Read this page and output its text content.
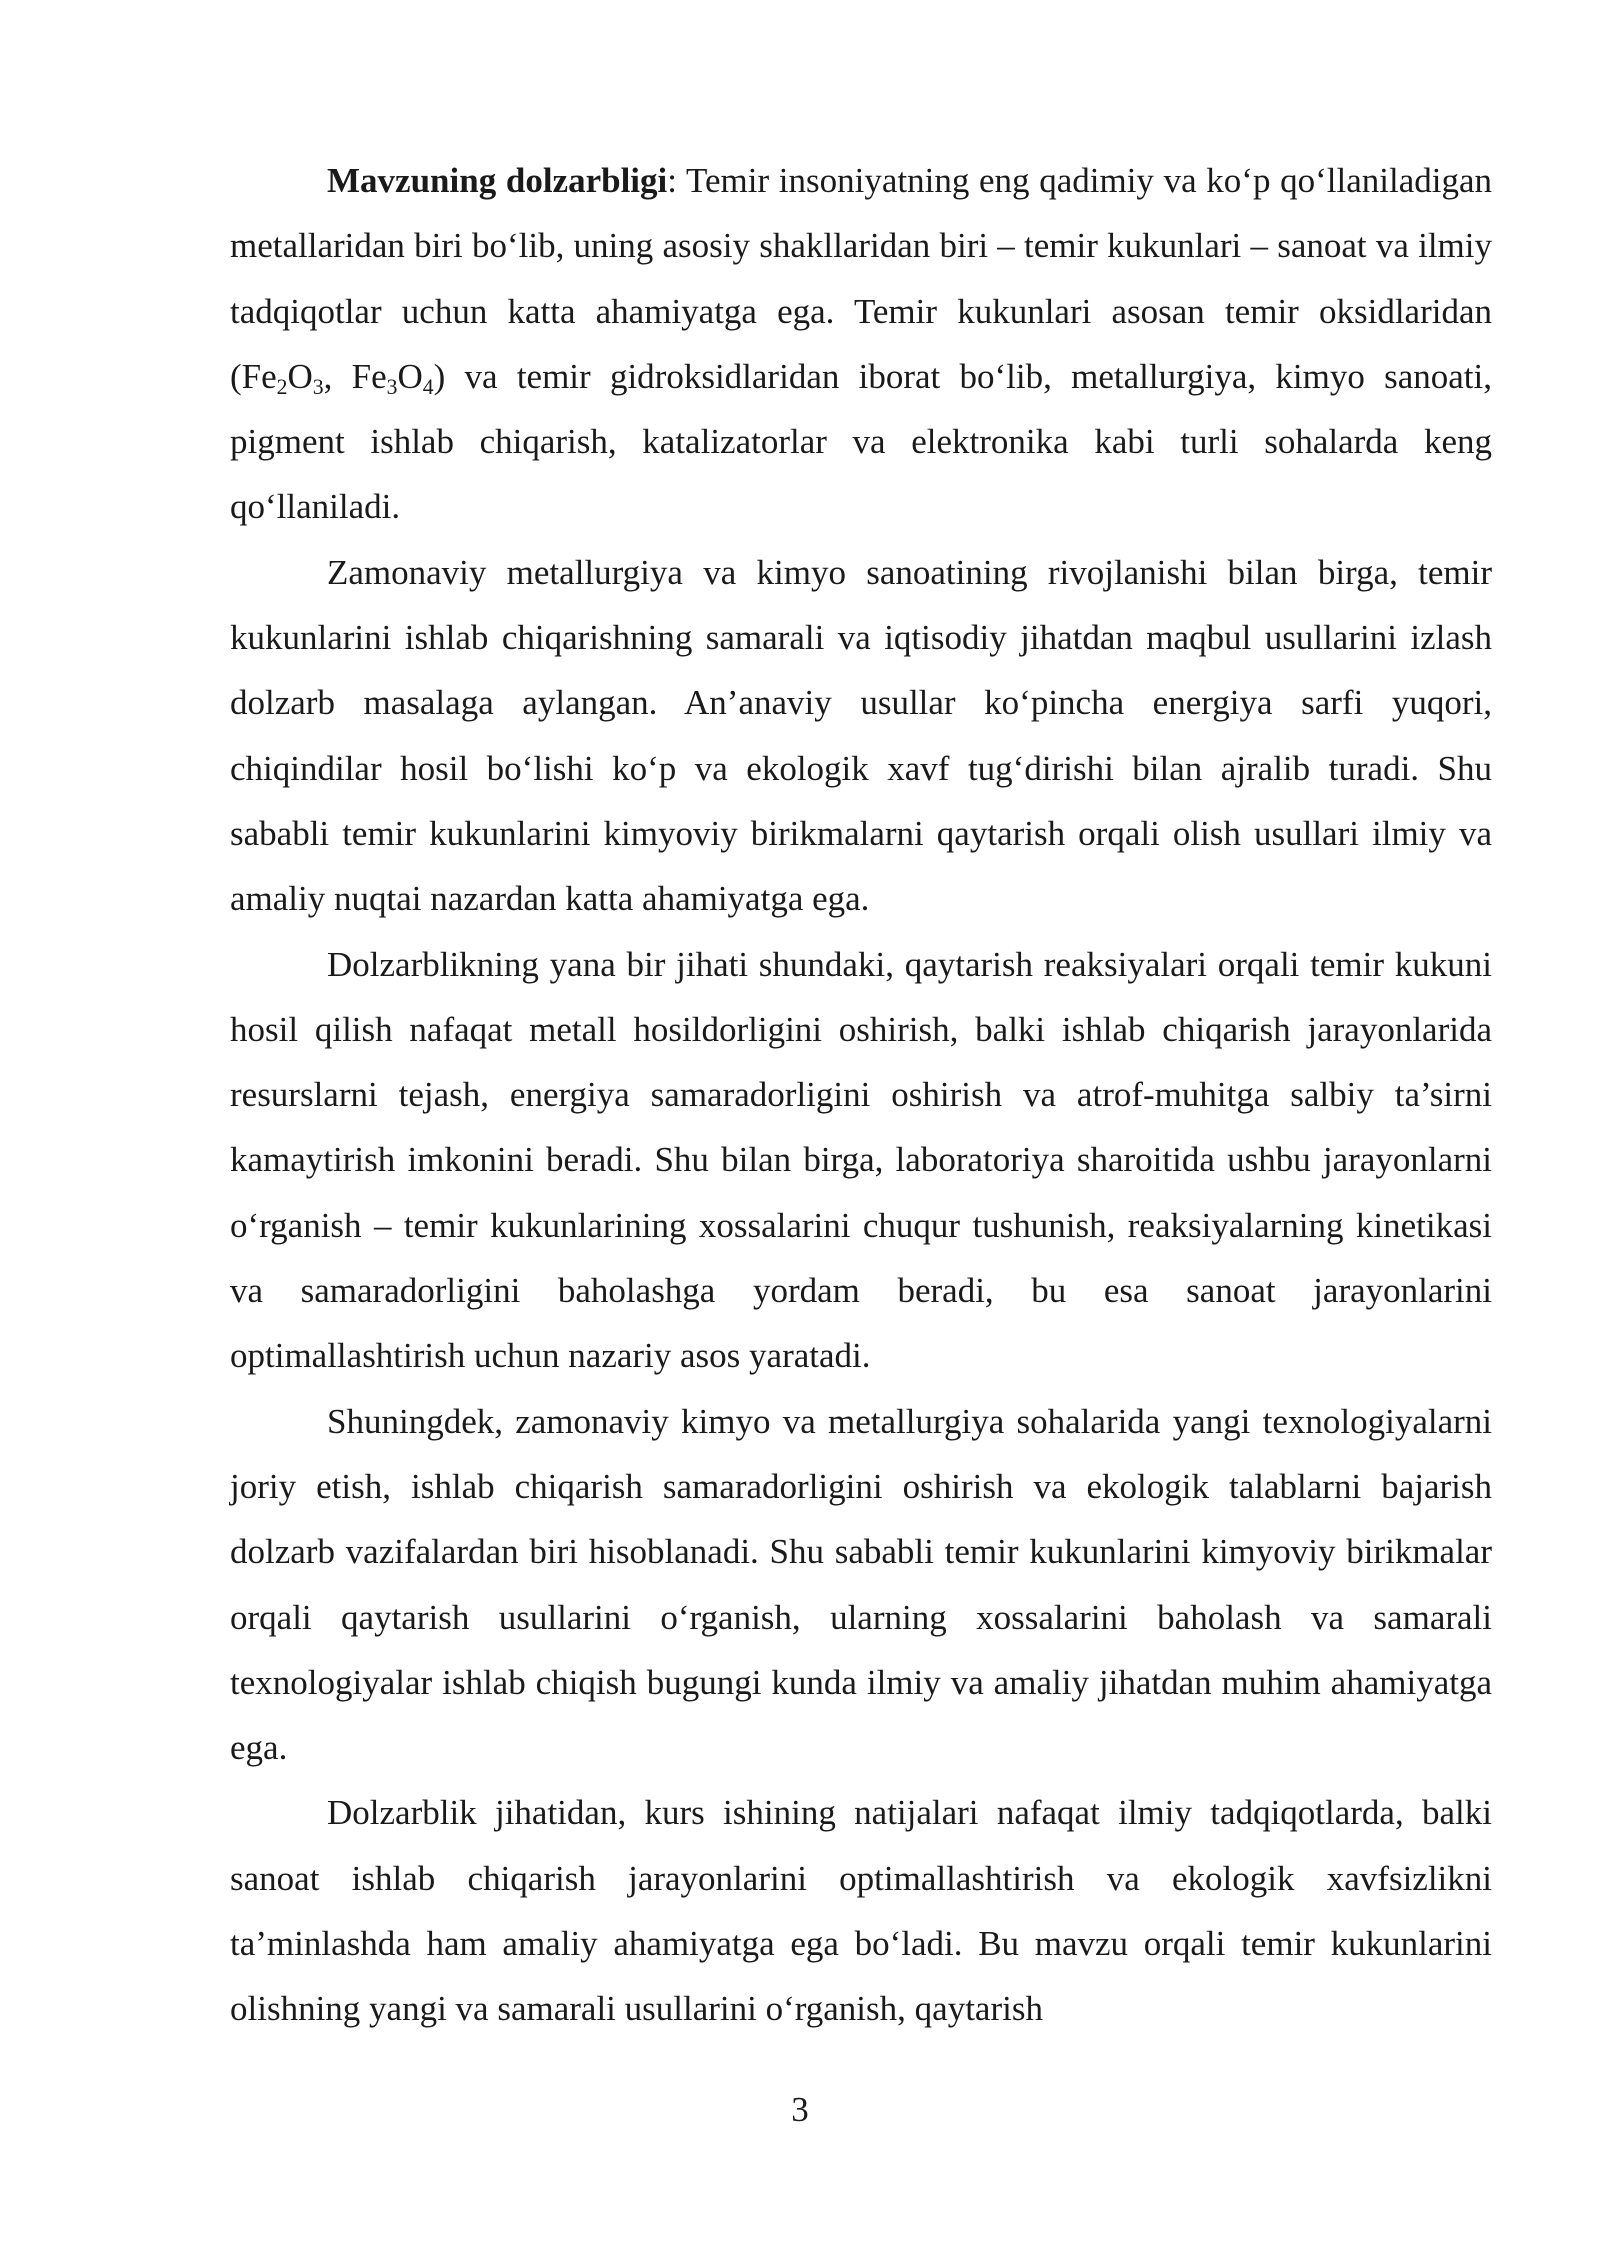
Mavzuning dolzarbligi: Temir insoniyatning eng qadimiy va koʻp qoʻllaniladigan metallaridan biri boʻlib, uning asosiy shakllaridan biri – temir kukunlari – sanoat va ilmiy tadqiqotlar uchun katta ahamiyatga ega. Temir kukunlari asosan temir oksidlaridan ($Fe_2O_3$, $Fe_3O_4$) va temir gidroksidlaridan iborat boʻlib, metallurgiya, kimyo sanoati, pigment ishlab chiqarish, katalizatorlar va elektronika kabi turli sohalarda keng qoʻllaniladi.

Zamonaviy metallurgiya va kimyo sanoatining rivojlanishi bilan birga, temir kukunlarini ishlab chiqarishning samarali va iqtisodiy jihatdan maqbul usullarini izlash dolzarb masalaga aylangan. An’anaviy usullar koʻpincha energiya sarfi yuqori, chiqindilar hosil boʻlishi koʻp va ekologik xavf tugʻdirishi bilan ajralib turadi. Shu sababli temir kukunlarini kimyoviy birikmalarni qaytarish orqali olish usullari ilmiy va amaliy nuqtai nazardan katta ahamiyatga ega.

Dolzarblikning yana bir jihati shundaki, qaytarish reaksiyalari orqali temir kukuni hosil qilish nafaqat metall hosildorligini oshirish, balki ishlab chiqarish jarayonlarida resurslarni tejash, energiya samaradorligini oshirish va atrof-muhitga salbiy ta’sirni kamaytirish imkonini beradi. Shu bilan birga, laboratoriya sharoitida ushbu jarayonlarni oʻrganish – temir kukunlarining xossalarini chuqur tushunish, reaksiyalarning kinetikasi va samaradorligini baholashga yordam beradi, bu esa sanoat jarayonlarini optimallashtirish uchun nazariy asos yaratadi.

Shuningdek, zamonaviy kimyo va metallurgiya sohalarida yangi texnologiyalarni joriy etish, ishlab chiqarish samaradorligini oshirish va ekologik talablarni bajarish dolzarb vazifalardan biri hisoblanadi. Shu sababli temir kukunlarini kimyoviy birikmalar orqali qaytarish usullarini oʻrganish, ularning xossalarini baholash va samarali texnologiyalar ishlab chiqish bugungi kunda ilmiy va amaliy jihatdan muhim ahamiyatga ega.

Dolzarblik jihatidan, kurs ishining natijalari nafaqat ilmiy tadqiqotlarda, balki sanoat ishlab chiqarish jarayonlarini optimallashtirish va ekologik xavfsizlikni ta’minlashda ham amaliy ahamiyatga ega boʻladi. Bu mavzu orqali temir kukunlarini olishning yangi va samarali usullarini oʻrganish, qaytarish

3
